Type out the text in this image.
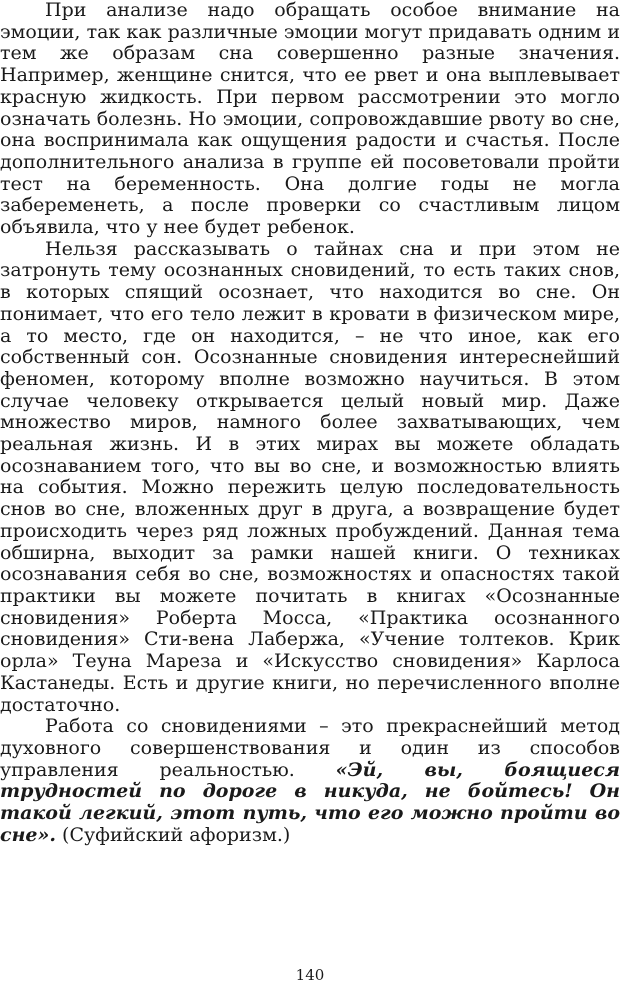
При анализе надо обращать особое внимание на эмоции, так как различные эмоции могут придавать одним и тем же образам сна совершенно разные значения. Например, женщине снится, что ее рвет и она выплевывает красную жидкость. При первом рассмотрении это могло означать болезнь. Но эмоции, сопровождавшие рвоту во сне, она воспринимала как ощущения радости и счастья. После дополнительного анализа в группе ей посоветовали пройти тест на беременность. Она долгие годы не могла забеременеть, а после проверки со счастливым лицом объявила, что у нее будет ребенок.

Нельзя рассказывать о тайнах сна и при этом не затронуть тему осознанных сновидений, то есть таких снов, в которых спящий осознает, что находится во сне. Он понимает, что его тело лежит в кровати в физическом мире, а то место, где он находится, – не что иное, как его собственный сон. Осознанные сновидения интереснейший феномен, которому вполне возможно научиться. В этом случае человеку открывается целый новый мир. Даже множество миров, намного более захватывающих, чем реальная жизнь. И в этих мирах вы можете обладать осознаванием того, что вы во сне, и возможностью влиять на события. Можно пережить целую последовательность снов во сне, вложенных друг в друга, а возвращение будет происходить через ряд ложных пробуждений. Данная тема обширна, выходит за рамки нашей книги. О техниках осознавания себя во сне, возможностях и опасностях такой практики вы можете почитать в книгах «Осознанные сновидения» Роберта Мосса, «Практика осознанного сновидения» Сти-вена Лабержа, «Учение толтеков. Крик орла» Теуна Мареза и «Искусство сновидения» Карлоса Кастанеды. Есть и другие книги, но перечисленного вполне достаточно.

Работа со сновидениями – это прекраснейший метод духовного совершенствования и один из способов управления реальностью. «Эй, вы, боящиеся трудностей по дороге в никуда, не бойтесь! Он такой легкий, этот путь, что его можно пройти во сне». (Суфийский афоризм.)

140
